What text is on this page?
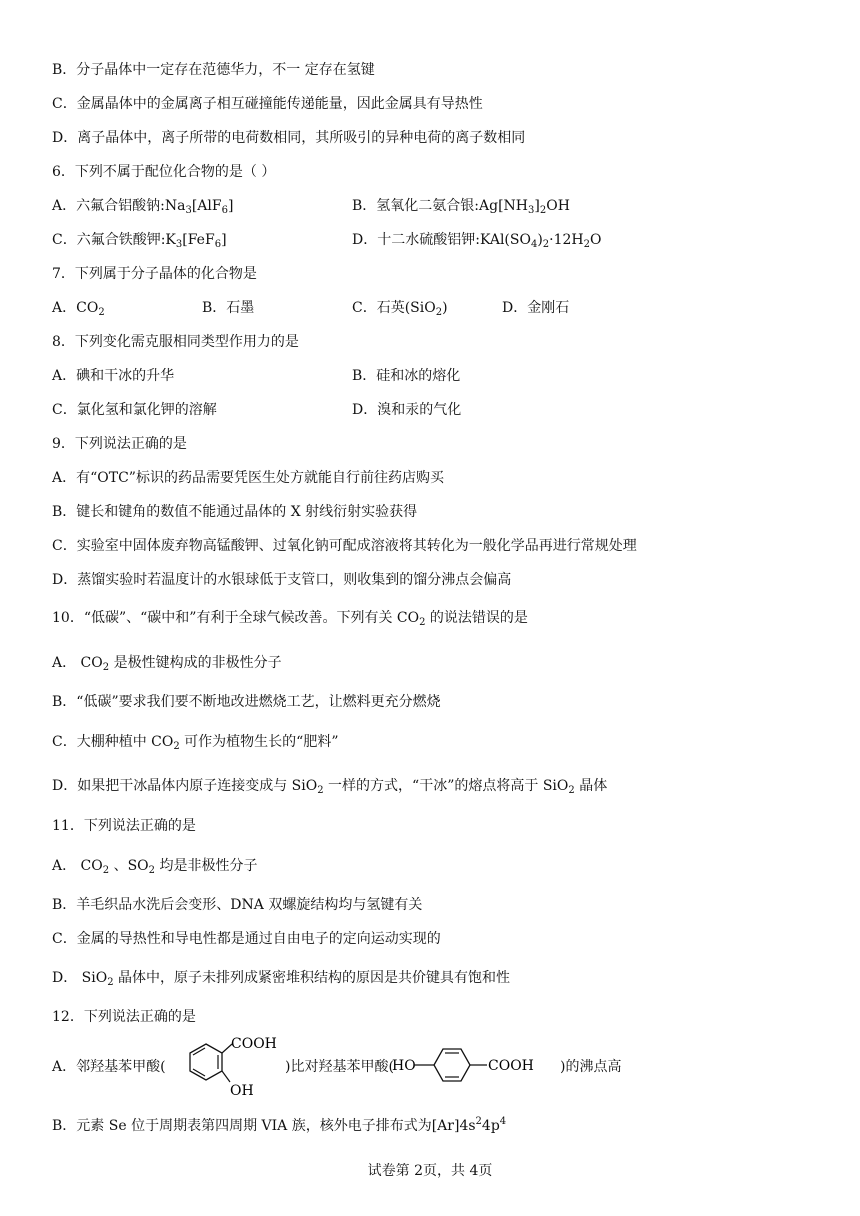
B．分子晶体中一定存在范德华力，不一 定存在氢键
C．金属晶体中的金属离子相互碰撞能传递能量，因此金属具有导热性
D．离子晶体中，离子所带的电荷数相同，其所吸引的异种电荷的离子数相同
6．下列不属于配位化合物的是（ ）
A．六氟合铝酸钠$:Na_3[AlF_6]$	B．氢氧化二氨合银$:Ag[NH_3]_2OH$
C．六氟合铁酸钾$:K_3[FeF_6]$	D．十二水硫酸铝钾$:KAl(SO_4)_2\cdot 12H_2O$
7．下列属于分子晶体的化合物是
A．$CO_2$	B．石墨	C．石英(SiO$_2$)	D．金刚石
8．下列变化需克服相同类型作用力的是
A．碘和干冰的升华	B．硅和冰的熔化
C．氯化氢和氯化钾的溶解	D．溴和汞的气化
9．下列说法正确的是
A．有“OTC”标识的药品需要凭医生处方就能自行前往药店购买
B．键长和键角的数值不能通过晶体的 X 射线衍射实验获得
C．实验室中固体废弃物高锰酸钾、过氧化钠可配成溶液将其转化为一般化学品再进行常规处理
D．蒸馏实验时若温度计的水银球低于支管口，则收集到的馏分沸点会偏高
10．“低碳”、“碳中和”有利于全球气候改善。下列有关 $CO_2$ 的说法错误的是
A． $CO_2$ 是极性键构成的非极性分子
B．“低碳”要求我们要不断地改进燃烧工艺，让燃料更充分燃烧
C．大棚种植中 $CO_2$ 可作为植物生长的“肥料”
D．如果把干冰晶体内原子连接变成与 SiO$_2$ 一样的方式，“干冰”的熔点将高于 SiO$_2$ 晶体
11．下列说法正确的是
A． $CO_2$ 、$SO_2$ 均是非极性分子
B．羊毛织品水洗后会变形、DNA 双螺旋结构均与氢键有关
C．金属的导热性和导电性都是通过自由电子的定向运动实现的
D． SiO$_2$ 晶体中，原子未排列成紧密堆积结构的原因是共价键具有饱和性
12．下列说法正确的是
A．邻羟基苯甲酸(
COOH
OH
)比对羟基苯甲酸(
HO	COOH )的沸点高
B．元素 Se 位于周期表第四周期 VIA 族，核外电子排布式为$[Ar]4s^24p^4$
试卷第 2页，共 4页
